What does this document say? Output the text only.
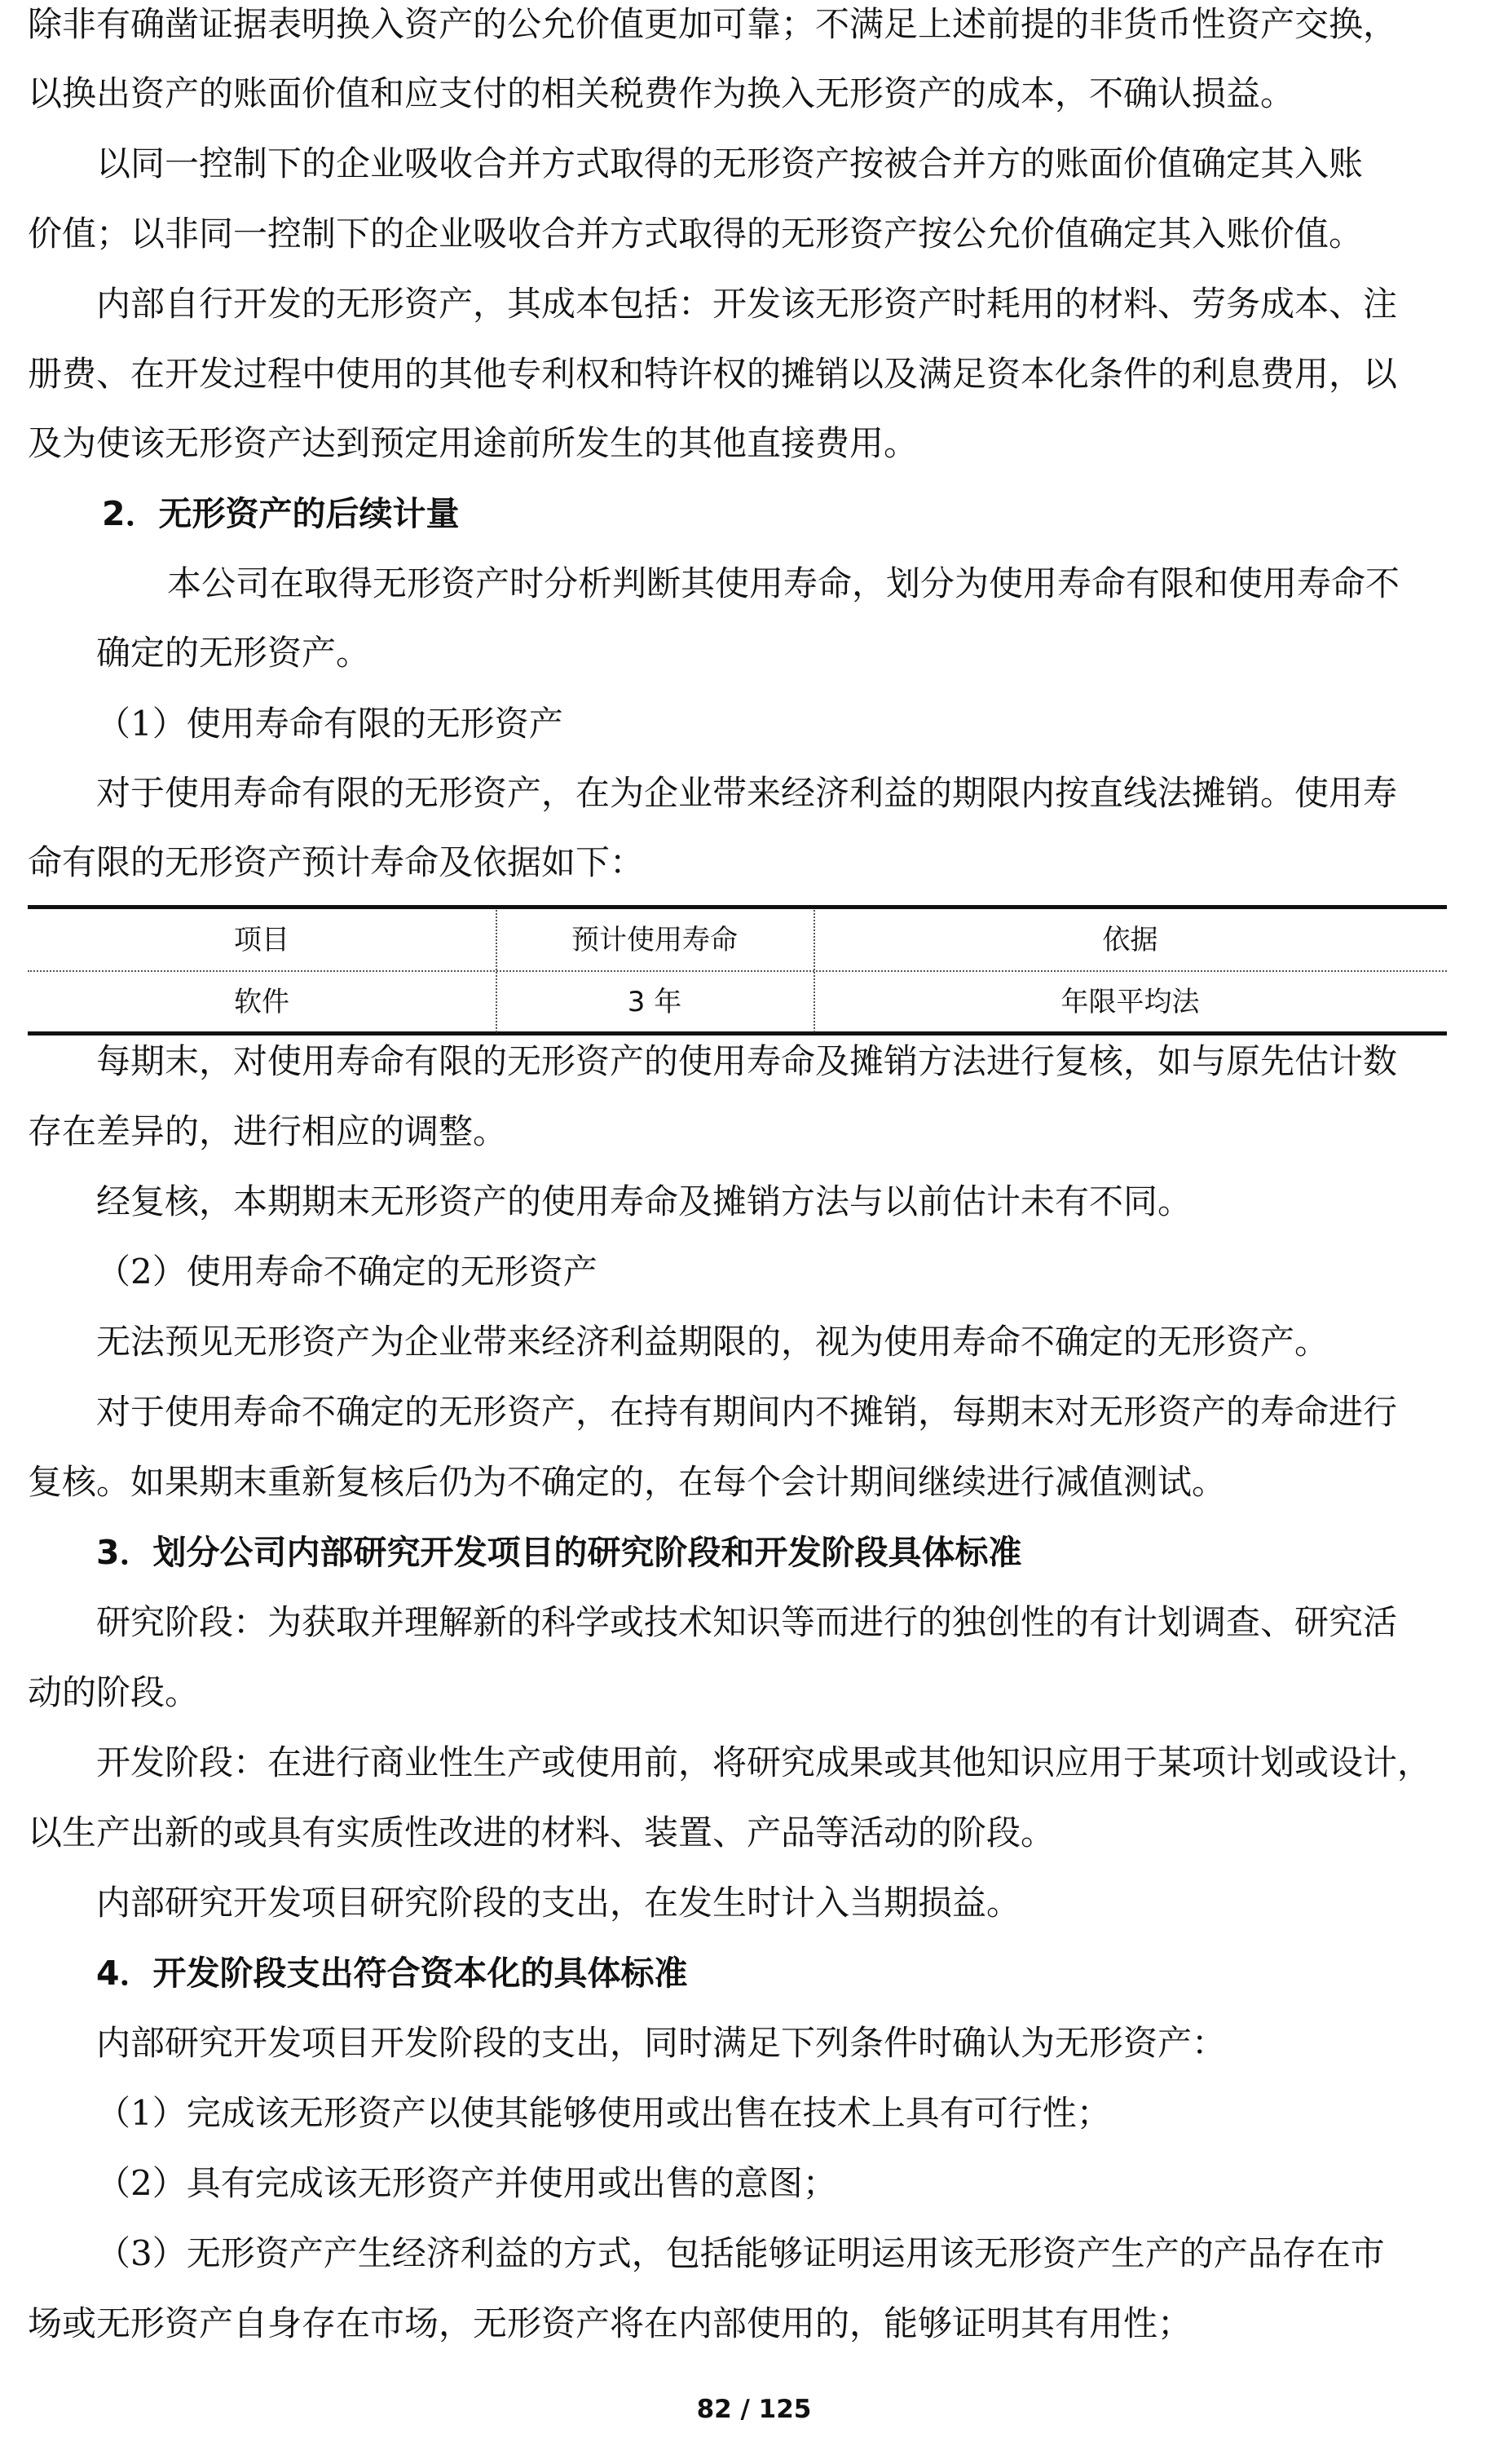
除非有确凿证据表明换入资产的公允价值更加可靠；不满足上述前提的非货币性资产交换，
以换出资产的账面价值和应支付的相关税费作为换入无形资产的成本，不确认损益。
以同一控制下的企业吸收合并方式取得的无形资产按被合并方的账面价值确定其入账
价值；以非同一控制下的企业吸收合并方式取得的无形资产按公允价值确定其入账价值。
内部自行开发的无形资产，其成本包括：开发该无形资产时耗用的材料、劳务成本、注
册费、在开发过程中使用的其他专利权和特许权的摊销以及满足资本化条件的利息费用，以
及为使该无形资产达到预定用途前所发生的其他直接费用。
2．无形资产的后续计量
本公司在取得无形资产时分析判断其使用寿命，划分为使用寿命有限和使用寿命不
确定的无形资产。
（1）使用寿命有限的无形资产
对于使用寿命有限的无形资产，在为企业带来经济利益的期限内按直线法摊销。使用寿
命有限的无形资产预计寿命及依据如下：
项目	预计使用寿命	依据
软件	3 年	年限平均法
每期末，对使用寿命有限的无形资产的使用寿命及摊销方法进行复核，如与原先估计数
存在差异的，进行相应的调整。
经复核，本期期末无形资产的使用寿命及摊销方法与以前估计未有不同。
（2）使用寿命不确定的无形资产
无法预见无形资产为企业带来经济利益期限的，视为使用寿命不确定的无形资产。
对于使用寿命不确定的无形资产，在持有期间内不摊销，每期末对无形资产的寿命进行
复核。如果期末重新复核后仍为不确定的，在每个会计期间继续进行减值测试。
3．划分公司内部研究开发项目的研究阶段和开发阶段具体标准
研究阶段：为获取并理解新的科学或技术知识等而进行的独创性的有计划调查、研究活
动的阶段。
开发阶段：在进行商业性生产或使用前，将研究成果或其他知识应用于某项计划或设计，
以生产出新的或具有实质性改进的材料、装置、产品等活动的阶段。
内部研究开发项目研究阶段的支出，在发生时计入当期损益。
4．开发阶段支出符合资本化的具体标准
内部研究开发项目开发阶段的支出，同时满足下列条件时确认为无形资产：
（1）完成该无形资产以使其能够使用或出售在技术上具有可行性；
（2）具有完成该无形资产并使用或出售的意图；
（3）无形资产产生经济利益的方式，包括能够证明运用该无形资产生产的产品存在市
场或无形资产自身存在市场，无形资产将在内部使用的，能够证明其有用性；
82 / 125
